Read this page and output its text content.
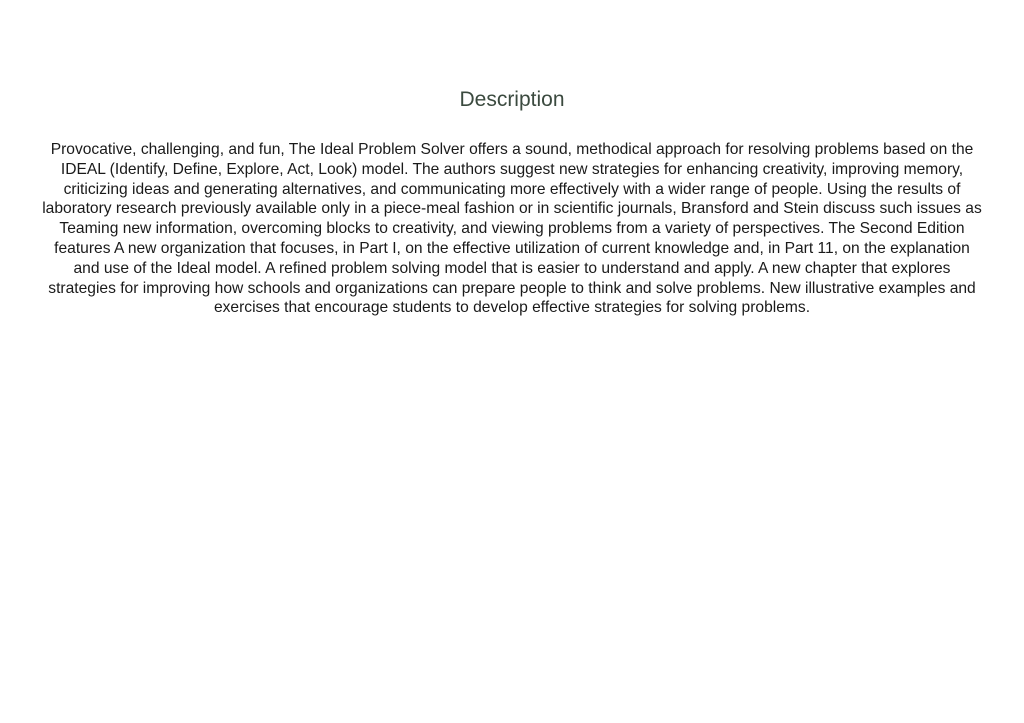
Description

Provocative, challenging, and fun, The Ideal Problem Solver offers a sound, methodical approach for resolving problems based on the IDEAL (Identify, Define, Explore, Act, Look) model. The authors suggest new strategies for enhancing creativity, improving memory, criticizing ideas and generating alternatives, and communicating more effectively with a wider range of people. Using the results of laboratory research previously available only in a piece-meal fashion or in scientific journals, Bransford and Stein discuss such issues as Teaming new information, overcoming blocks to creativity, and viewing problems from a variety of perspectives. The Second Edition features A new organization that focuses, in Part I, on the effective utilization of current knowledge and, in Part 11, on the explanation and use of the Ideal model. A refined problem solving model that is easier to understand and apply. A new chapter that explores strategies for improving how schools and organizations can prepare people to think and solve problems. New illustrative examples and exercises that encourage students to develop effective strategies for solving problems.
